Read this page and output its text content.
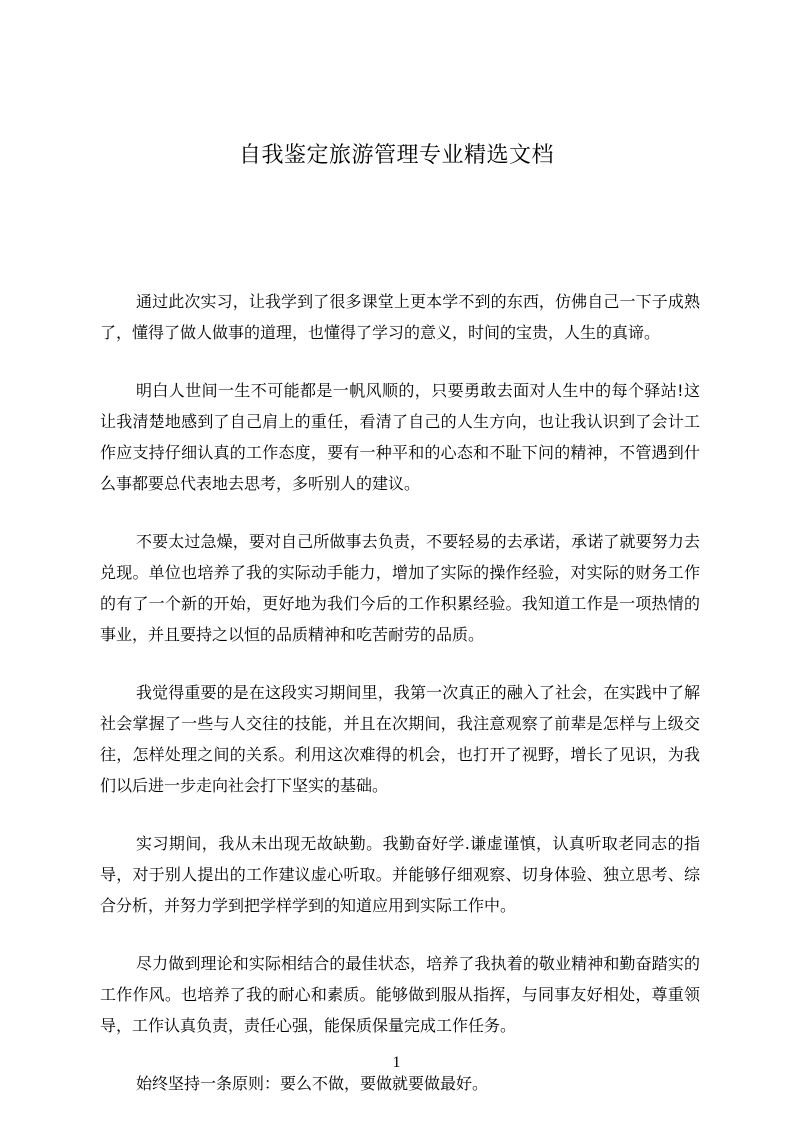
自我鉴定旅游管理专业精选文档

通过此次实习，让我学到了很多课堂上更本学不到的东西，仿佛自己一下子成熟了，懂得了做人做事的道理，也懂得了学习的意义，时间的宝贵，人生的真谛。

明白人世间一生不可能都是一帆风顺的，只要勇敢去面对人生中的每个驿站!这让我清楚地感到了自己肩上的重任，看清了自己的人生方向，也让我认识到了会计工作应支持仔细认真的工作态度，要有一种平和的心态和不耻下问的精神，不管遇到什么事都要总代表地去思考，多听别人的建议。

不要太过急燥，要对自己所做事去负责，不要轻易的去承诺，承诺了就要努力去兑现。单位也培养了我的实际动手能力，增加了实际的操作经验，对实际的财务工作的有了一个新的开始，更好地为我们今后的工作积累经验。我知道工作是一项热情的事业，并且要持之以恒的品质精神和吃苦耐劳的品质。

我觉得重要的是在这段实习期间里，我第一次真正的融入了社会，在实践中了解社会掌握了一些与人交往的技能，并且在次期间，我注意观察了前辈是怎样与上级交往，怎样处理之间的关系。利用这次难得的机会，也打开了视野，增长了见识，为我们以后进一步走向社会打下坚实的基础。

实习期间，我从未出现无故缺勤。我勤奋好学.谦虚谨慎，认真听取老同志的指导，对于别人提出的工作建议虚心听取。并能够仔细观察、切身体验、独立思考、综合分析，并努力学到把学样学到的知道应用到实际工作中。

尽力做到理论和实际相结合的最佳状态，培养了我执着的敬业精神和勤奋踏实的工作作风。也培养了我的耐心和素质。能够做到服从指挥，与同事友好相处，尊重领导，工作认真负责，责任心强，能保质保量完成工作任务。

始终坚持一条原则：要么不做，要做就要做最好。

1
